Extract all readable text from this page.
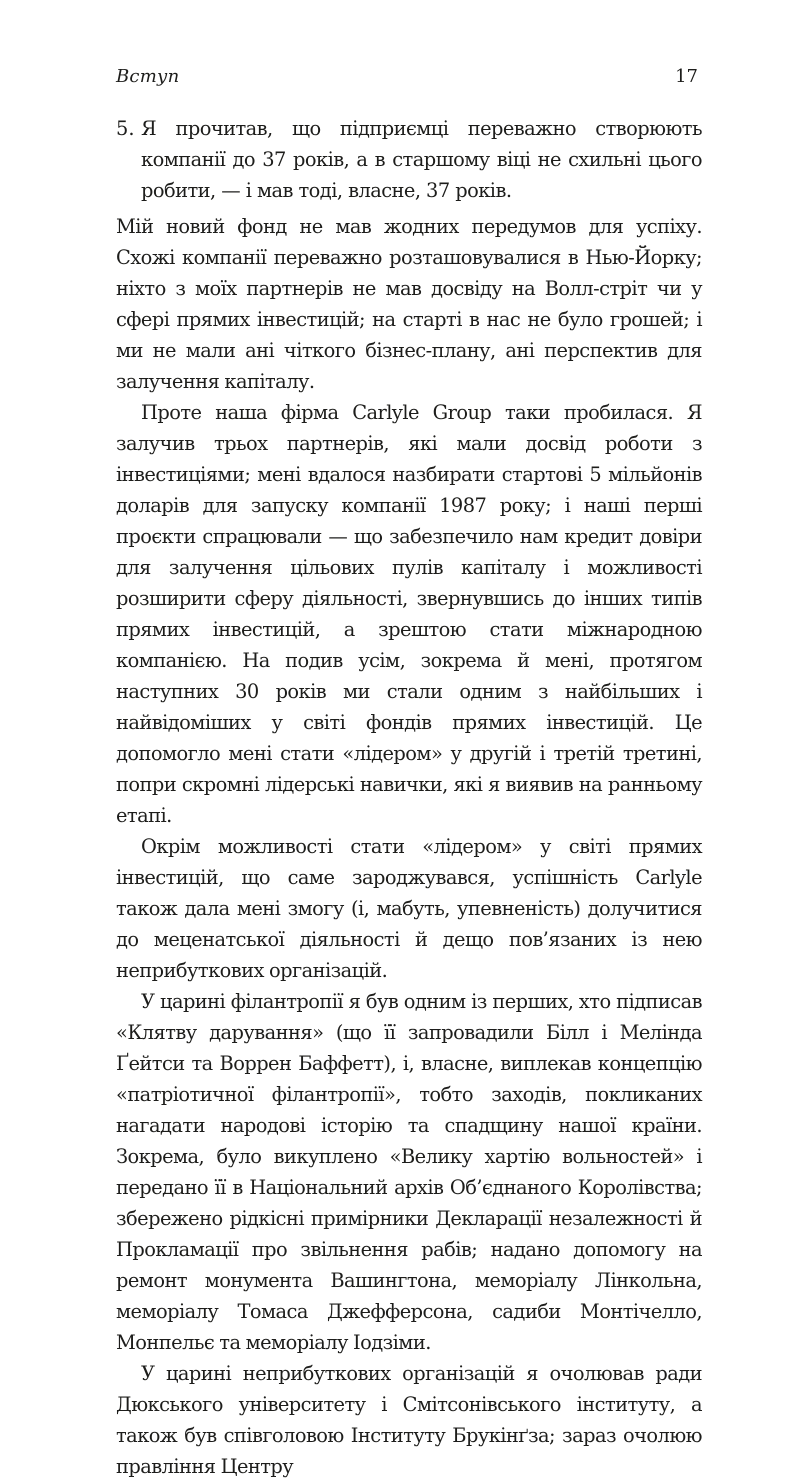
Вступ	17
5. Я прочитав, що підприємці переважно створюють компанії до 37 років, а в старшому віці не схильні цього робити, — і мав тоді, власне, 37 років.

Мій новий фонд не мав жодних передумов для успіху. Схожі компанії переважно розташовувалися в Нью-Йорку; ніхто з моїх партнерів не мав досвіду на Волл-стріт чи у сфері прямих інвестицій; на старті в нас не було грошей; і ми не мали ані чіткого бізнес-плану, ані перспектив для залучення капіталу.

Проте наша фірма Carlyle Group таки пробилася. Я залучив трьох партнерів, які мали досвід роботи з інвестиціями; мені вдалося назбирати стартові 5 мільйонів доларів для запуску компанії 1987 року; і наші перші проєкти спрацювали — що забезпечило нам кредит довіри для залучення цільових пулів капіталу і можливості розширити сферу діяльності, звернувшись до інших типів прямих інвестицій, а зрештою стати міжнародною компанією. На подив усім, зокрема й мені, протягом наступних 30 років ми стали одним з найбільших і найвідоміших у світі фондів прямих інвестицій. Це допомогло мені стати «лідером» у другій і третій третині, попри скромні лідерські навички, які я виявив на ранньому етапі.

Окрім можливості стати «лідером» у світі прямих інвестицій, що саме зароджувався, успішність Carlyle також дала мені змогу (і, мабуть, упевненість) долучитися до меценатської діяльності й дещо пов’язаних із нею неприбуткових організацій.

У царині філантропії я був одним із перших, хто підписав «Клятву дарування» (що її запровадили Білл і Мелінда Ґейтси та Воррен Баффетт), і, власне, виплекав концепцію «патріотичної філантропії», тобто заходів, покликаних нагадати народові історію та спадщину нашої країни. Зокрема, було викуплено «Велику хартію вольностей» і передано її в Національний архів Об’єднаного Королівства; збережено рідкісні примірники Декларації незалежності й Прокламації про звільнення рабів; надано допомогу на ремонт монумента Вашингтона, меморіалу Лінкольна, меморіалу Томаса Джефферсона, садиби Монтічелло, Монпельє та меморіалу Іодзіми.

У царині неприбуткових організацій я очолював ради Дюкського університету і Смітсонівського інституту, а також був співголовою Інституту Брукінґза; зараз очолюю правління Центру
